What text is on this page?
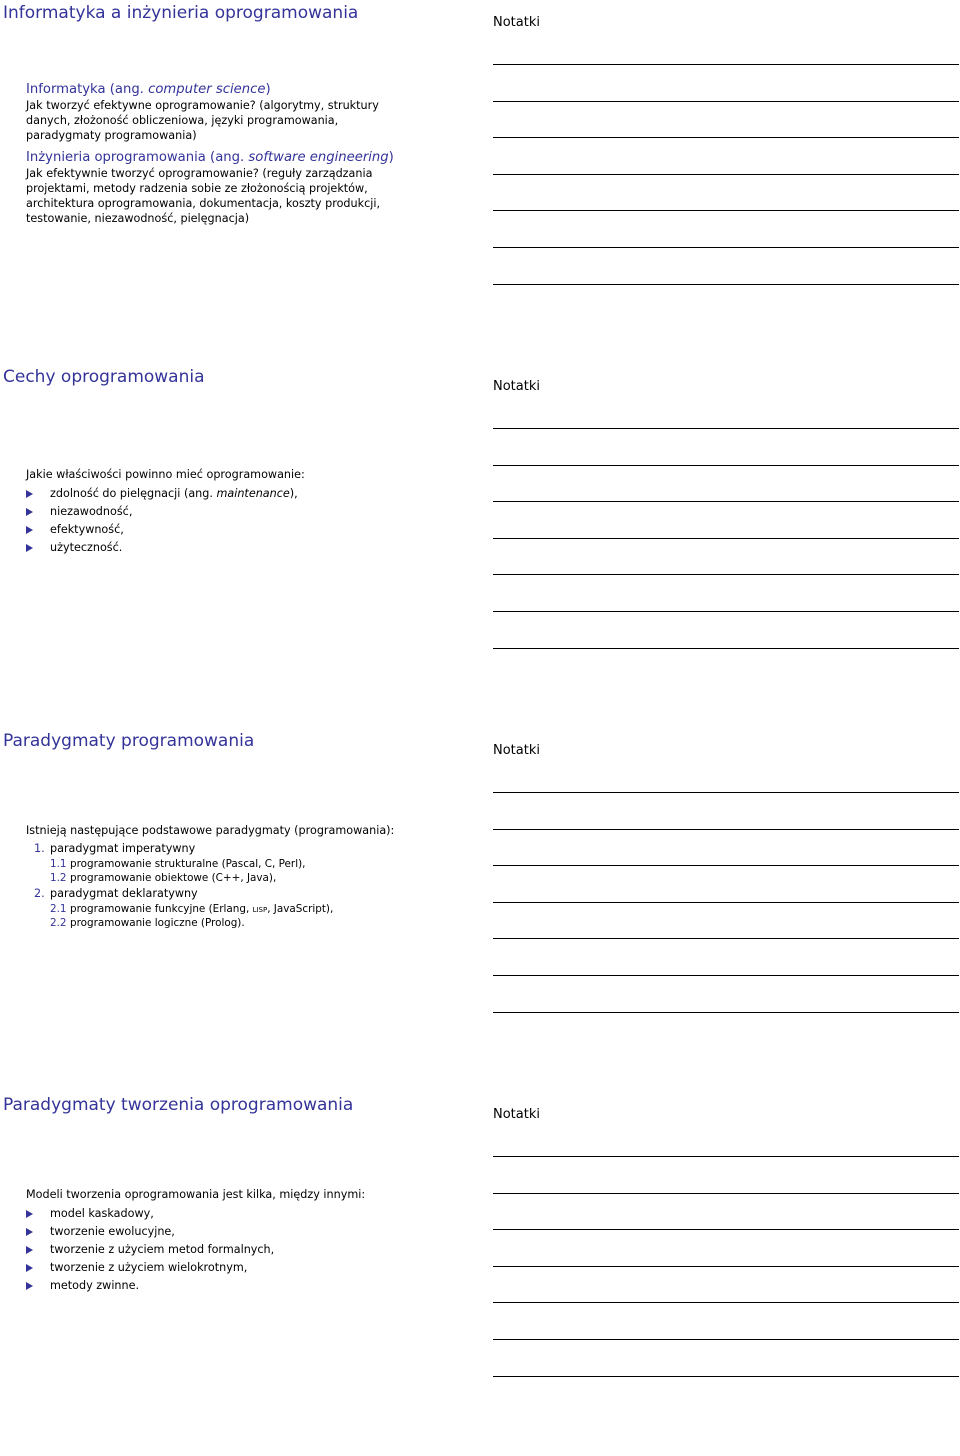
Informatyka a inżynieria oprogramowania	Notatki
Informatyka (ang. computer science)

Jak tworzyć efektywne oprogramowanie? (algorytmy, struktury danych, złożoność obliczeniowa, języki programowania, paradygmaty programowania)

Inżynieria oprogramowania (ang. software engineering)

Jak efektywnie tworzyć oprogramowanie? (reguły zarządzania projektami, metody radzenia sobie ze złożonością projektów, architektura oprogramowania, dokumentacja, koszty produkcji, testowanie, niezawodność, pielęgnacja)

Cechy oprogramowania	Notatki
Jakie właściwości powinno mieć oprogramowanie:
zdolność do pielęgnacji (ang. maintenance),
niezawodność,
efektywność,
użyteczność.
Paradygmaty programowania	Notatki
Istnieją następujące podstawowe paradygmaty (programowania):
1. paradygmat imperatywny
1.1 programowanie strukturalne (Pascal, C, Perl),
1.2 programowanie obiektowe (C++, Java),
2. paradygmat deklaratywny
2.1 programowanie funkcyjne (Erlang, lisp, JavaScript),
2.2 programowanie logiczne (Prolog).
Paradygmaty tworzenia oprogramowania	Notatki
Modeli tworzenia oprogramowania jest kilka, między innymi:
model kaskadowy,
tworzenie ewolucyjne,
tworzenie z użyciem metod formalnych,
tworzenie z użyciem wielokrotnym,
metody zwinne.
